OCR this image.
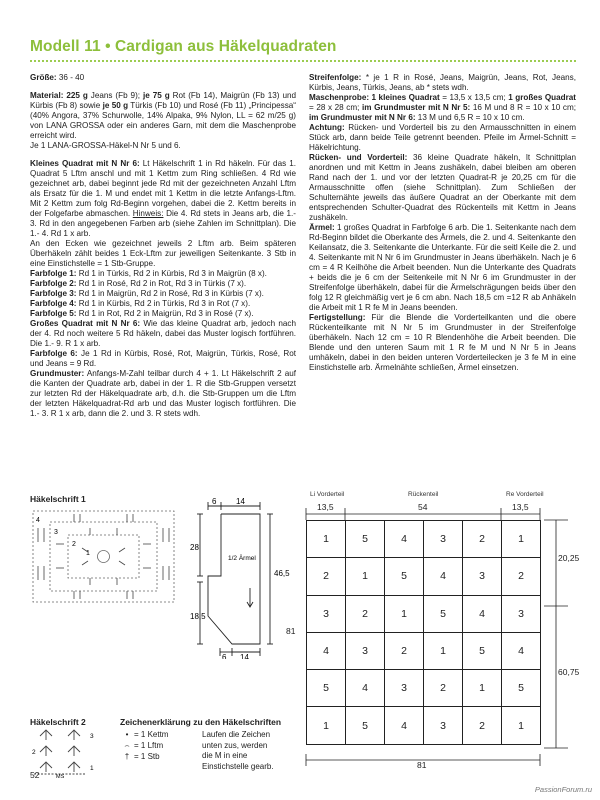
Modell 11 • Cardigan aus Häkelquadraten

Größe: 36 - 40

Material: 225 g Jeans (Fb 9); je 75 g Rot (Fb 14), Maigrün (Fb 13) und Kürbis (Fb 8) sowie je 50 g Türkis (Fb 10) und Rosé (Fb 11) „Principessa“ (40% Angora, 37% Schurwolle, 14% Alpaka, 9% Nylon, LL = 62 m/25 g) von LANA GROSSA oder ein anderes Garn, mit dem die Maschenprobe erreicht wird.

Je 1 LANA-GROSSA-Häkel-N Nr 5 und 6.

Kleines Quadrat mit N Nr 6: Lt Häkelschrift 1 in Rd häkeln. Für das 1. Quadrat 5 Lftm anschl und mit 1 Kettm zum Ring schließen. 4 Rd wie gezeichnet arb, dabei beginnt jede Rd mit der gezeichneten Anzahl Lftm als Ersatz für die 1. M und endet mit 1 Kettm in die letzte Anfangs-Lftm. Mit 2 Kettm zum folg Rd-Beginn vorgehen, dabei die 2. Kettm bereits in der Folgefarbe abmaschen. Hinweis: Die 4. Rd stets in Jeans arb, die 1.- 3. Rd in den angegebenen Farben arb (siehe Zahlen im Schnittplan). Die 1.- 4. Rd 1 x arb.

An den Ecken wie gezeichnet jeweils 2 Lftm arb. Beim späteren Überhäkeln zählt beides 1 Eck-Lftm zur jeweiligen Seitenkante. 3 Stb in eine Einstichstelle = 1 Stb-Gruppe.

Farbfolge 1: Rd 1 in Türkis, Rd 2 in Kürbis, Rd 3 in Maigrün (8 x).

Farbfolge 2: Rd 1 in Rosé, Rd 2 in Rot, Rd 3 in Türkis (7 x).

Farbfolge 3: Rd 1 in Maigrün, Rd 2 in Rosé, Rd 3 in Kürbis (7 x).

Farbfolge 4: Rd 1 in Kürbis, Rd 2 in Türkis, Rd 3 in Rot (7 x).

Farbfolge 5: Rd 1 in Rot, Rd 2 in Maigrün, Rd 3 in Rosé (7 x).

Großes Quadrat mit N Nr 6: Wie das kleine Quadrat arb, jedoch nach der 4. Rd noch weitere 5 Rd häkeln, dabei das Muster logisch fortführen. Die 1.- 9. R 1 x arb.

Farbfolge 6: Je 1 Rd in Kürbis, Rosé, Rot, Maigrün, Türkis, Rosé, Rot und Jeans = 9 Rd.

Grundmuster: Anfangs-M-Zahl teilbar durch 4 + 1. Lt Häkelschrift 2 auf die Kanten der Quadrate arb, dabei in der 1. R die Stb-Gruppen versetzt zur letzten Rd der Häkelquadrate arb, d.h. die Stb-Gruppen um die Lftm der letzten Häkelquadrat-Rd arb und das Muster logisch fortführen. Die 1.- 3. R 1 x arb, dann die 2. und 3. R stets wdh.

Streifenfolge: * je 1 R in Rosé, Jeans, Maigrün, Jeans, Rot, Jeans, Kürbis, Jeans, Türkis, Jeans, ab * stets wdh.

Maschenprobe: 1 kleines Quadrat = 13,5 x 13,5 cm; 1 großes Quadrat = 28 x 28 cm; im Grundmuster mit N Nr 5: 16 M und 8 R = 10 x 10 cm; im Grundmuster mit N Nr 6: 13 M und 6,5 R = 10 x 10 cm.

Achtung: Rücken- und Vorderteil bis zu den Armausschnitten in einem Stück arb, dann beide Teile getrennt beenden. Pfeile im Ärmel-Schnitt = Häkelrichtung.

Rücken- und Vorderteil: 36 kleine Quadrate häkeln, lt Schnittplan anordnen und mit Kettm in Jeans zushäkeln, dabei bleiben am oberen Rand nach der 1. und vor der letzten Quadrat-R je 20,25 cm für die Armausschnitte offen (siehe Schnittplan). Zum Schließen der Schulternähte jeweils das äußere Quadrat an der Oberkante mit dem entsprechenden Schulter-Quadrat des Rückenteils mit Kettm in Jeans zushäkeln.

Ärmel: 1 großes Quadrat in Farbfolge 6 arb. Die 1. Seitenkante nach dem Rd-Beginn bildet die Oberkante des Ärmels, die 2. und 4. Seitenkante den Keilansatz, die 3. Seitenkante die Unterkante. Für die seitl Keile die 2. und 4. Seitenkante mit N Nr 6 im Grundmuster in Jeans überhäkeln. Nach je 6 cm = 4 R Keilhöhe die Arbeit beenden. Nun die Unterkante des Quadrats + beids die je 6 cm der Seitenkeile mit N Nr 6 im Grundmuster in der Streifenfolge überhäkeln, dabei für die Ärmelschrägungen beids über den folg 12 R gleichmäßig vert je 6 cm abn. Nach 18,5 cm =12 R ab Anhäkeln die Arbeit mit 1 R fe M in Jeans beenden.

Fertigstellung: Für die Blende die Vorderteilkanten und die obere Rückenteilkante mit N Nr 5 im Grundmuster in der Streifenfolge überhäkeln. Nach 12 cm = 10 R Blendenhöhe die Arbeit beenden. Die Blende und den unteren Saum mit 1 R fe M und N Nr 5 in Jeans umhäkeln, dabei in den beiden unteren Vorderteilecken je 3 fe M in eine Einstichstelle arb. Ärmelnähte schließen, Ärmel einsetzen.

Häkelschrift 1
4
3
2
1
Häkelschrift 2
3
2
1
MS
Zeichenerklärung zu den Häkelschriften
• = 1 Kettm
⌢ = 1 Lftm
† = 1 Stb
Laufen die Zeichen unten zus, werden die M in eine Einstichstelle gearb.
6 14
28
1/2 Ärmel
46,5
18,5
6 14
Li Vorderteil	Rückenteil	Re Vorderteil
13,5	54	13,5
1	5	4	3	2	1
2	1	5	4	3	2
3	2	1	5	4	3
4	3	2	1	5	4
5	4	3	2	1	5
1	5	4	3	2	1
20,25
60,75
81
81
52
PassionForum.ru
